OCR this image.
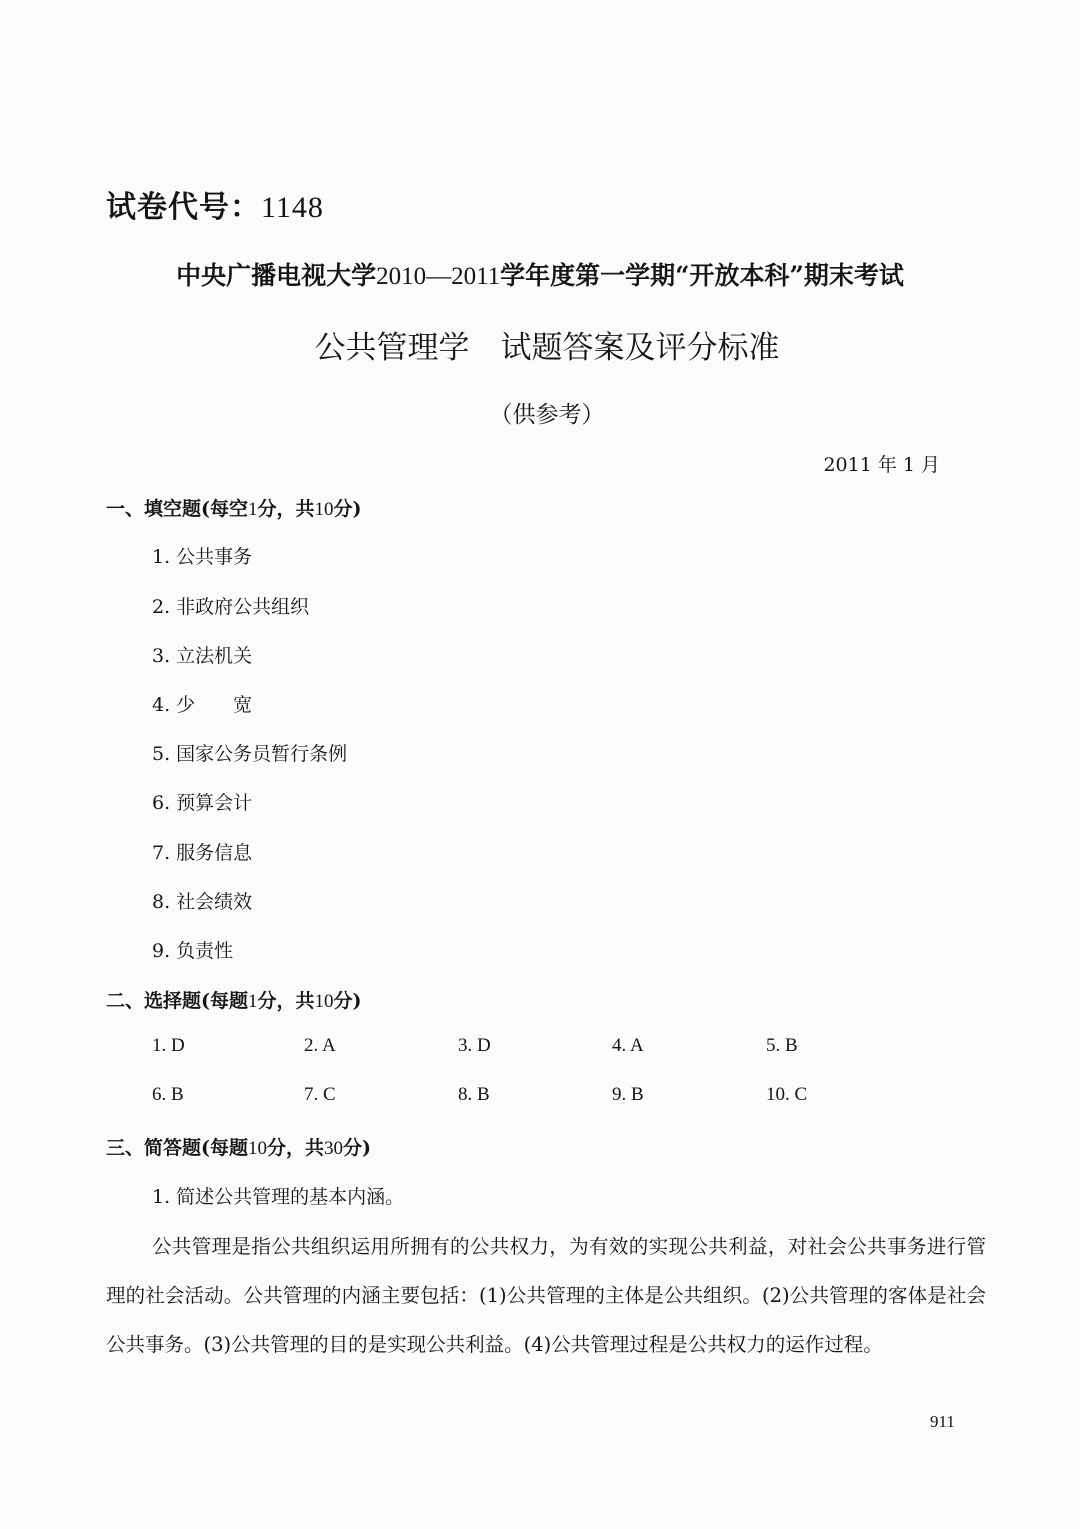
试卷代号：1148
中央广播电视大学2010—2011学年度第一学期“开放本科”期末考试
公共管理学　试题答案及评分标准
（供参考）
2011 年 1 月
一、填空题(每空1分，共10分)
1. 公共事务
2. 非政府公共组织
3. 立法机关
4. 少　　宽
5. 国家公务员暂行条例
6. 预算会计
7. 服务信息
8. 社会绩效
9. 负责性
二、选择题(每题1分，共10分)
1. D	2. A	3. D	4. A	5. B
6. B	7. C	8. B	9. B	10. C
三、简答题(每题10分，共30分)
1. 简述公共管理的基本内涵。
公共管理是指公共组织运用所拥有的公共权力，为有效的实现公共利益，对社会公共事务进行管理的社会活动。公共管理的内涵主要包括：(1)公共管理的主体是公共组织。(2)公共管理的客体是社会公共事务。(3)公共管理的目的是实现公共利益。(4)公共管理过程是公共权力的运作过程。
911
